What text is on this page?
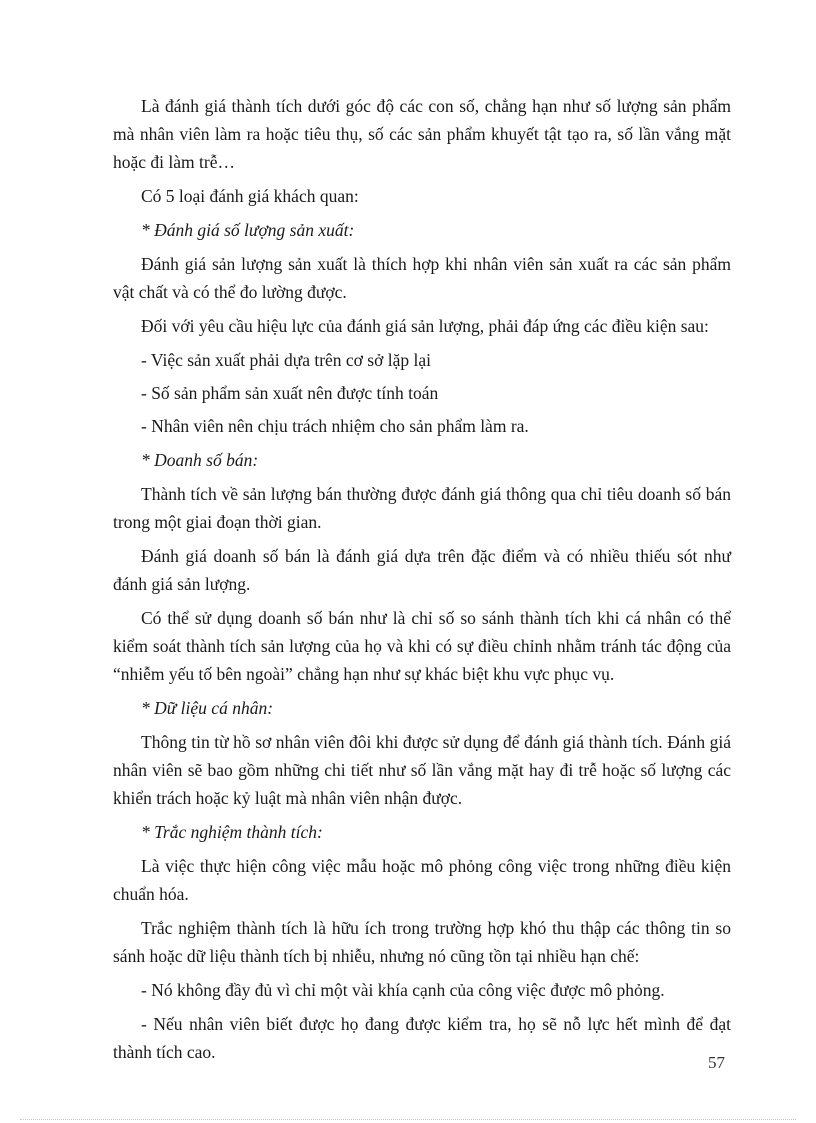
Là đánh giá thành tích dưới góc độ các con số, chẳng hạn như số lượng sản phẩm mà nhân viên làm ra hoặc tiêu thụ, số các sản phẩm khuyết tật tạo ra, số lần vắng mặt hoặc đi làm trễ…

Có 5 loại đánh giá khách quan:

* Đánh giá số lượng sản xuất:

Đánh giá sản lượng sản xuất là thích hợp khi nhân viên sản xuất ra các sản phẩm vật chất và có thể đo lường được.

Đối với yêu cầu hiệu lực của đánh giá sản lượng, phải đáp ứng các điều kiện sau:

- Việc sản xuất phải dựa trên cơ sở lặp lại

- Số sản phẩm sản xuất nên được tính toán

- Nhân viên nên chịu trách nhiệm cho sản phẩm làm ra.

* Doanh số bán:

Thành tích về sản lượng bán thường được đánh giá thông qua chỉ tiêu doanh số bán trong một giai đoạn thời gian.

Đánh giá doanh số bán là đánh giá dựa trên đặc điểm và có nhiều thiếu sót như đánh giá sản lượng.

Có thể sử dụng doanh số bán như là chỉ số so sánh thành tích khi cá nhân có thể kiểm soát thành tích sản lượng của họ và khi có sự điều chỉnh nhằm tránh tác động của “nhiễm yếu tố bên ngoài” chẳng hạn như sự khác biệt khu vực phục vụ.

* Dữ liệu cá nhân:

Thông tin từ hồ sơ nhân viên đôi khi được sử dụng để đánh giá thành tích. Đánh giá nhân viên sẽ bao gồm những chi tiết như số lần vắng mặt hay đi trễ hoặc số lượng các khiển trách hoặc kỷ luật mà nhân viên nhận được.

* Trắc nghiệm thành tích:

Là việc thực hiện công việc mẫu hoặc mô phỏng công việc trong những điều kiện chuẩn hóa.

Trắc nghiệm thành tích là hữu ích trong trường hợp khó thu thập các thông tin so sánh hoặc dữ liệu thành tích bị nhiễu, nhưng nó cũng tồn tại nhiều hạn chế:

- Nó không đầy đủ vì chỉ một vài khía cạnh của công việc được mô phỏng.

- Nếu nhân viên biết được họ đang được kiểm tra, họ sẽ nỗ lực hết mình để đạt thành tích cao.

57
